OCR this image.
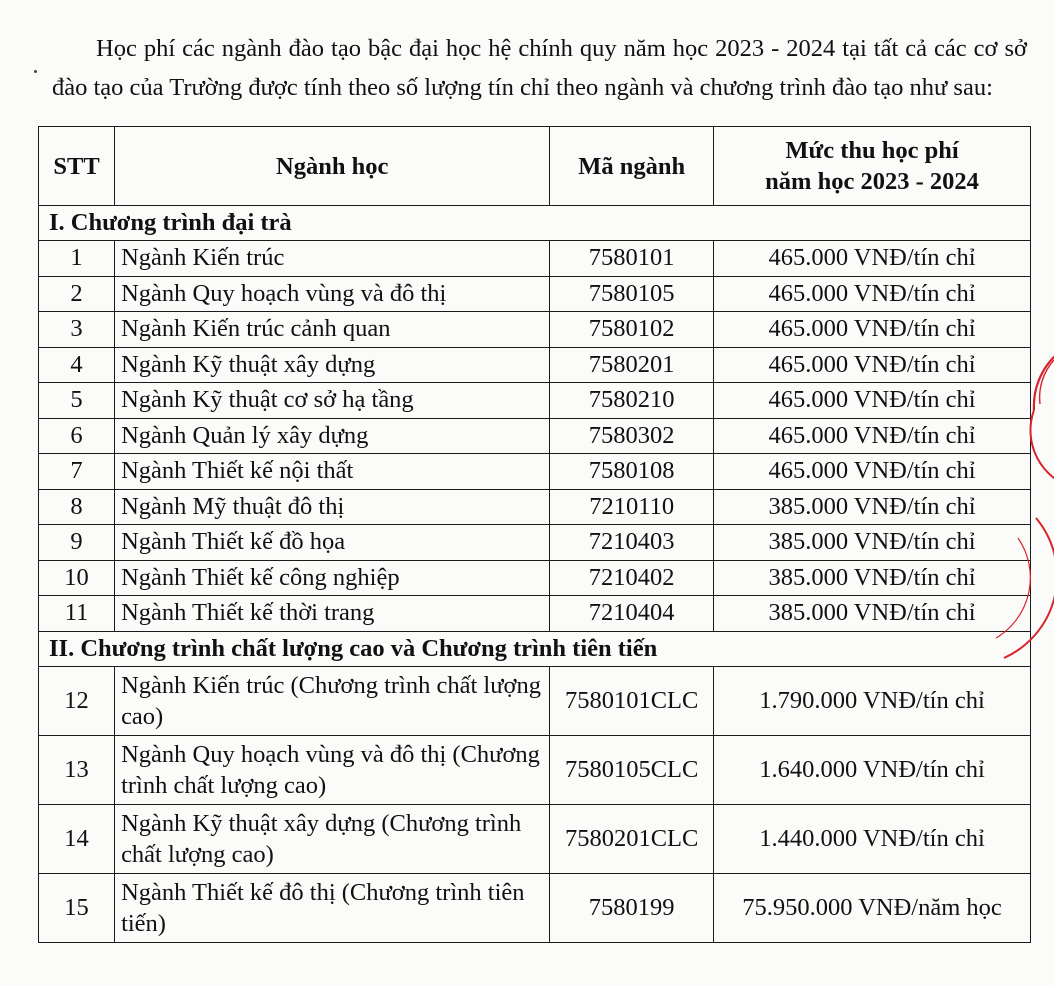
Học phí các ngành đào tạo bậc đại học hệ chính quy năm học 2023 - 2024 tại tất cả các cơ sở đào tạo của Trường được tính theo số lượng tín chỉ theo ngành và chương trình đào tạo như sau:

STT	Ngành học	Mã ngành	Mức thu học phí
năm học 2023 - 2024

I. Chương trình đại trà			
1	Ngành Kiến trúc	7580101	465.000 VNĐ/tín chỉ
2	Ngành Quy hoạch vùng và đô thị	7580105	465.000 VNĐ/tín chỉ
3	Ngành Kiến trúc cảnh quan	7580102	465.000 VNĐ/tín chỉ
4	Ngành Kỹ thuật xây dựng	7580201	465.000 VNĐ/tín chỉ
5	Ngành Kỹ thuật cơ sở hạ tầng	7580210	465.000 VNĐ/tín chỉ
6	Ngành Quản lý xây dựng	7580302	465.000 VNĐ/tín chỉ
7	Ngành Thiết kế nội thất	7580108	465.000 VNĐ/tín chỉ
8	Ngành Mỹ thuật đô thị	7210110	385.000 VNĐ/tín chỉ
9	Ngành Thiết kế đồ họa	7210403	385.000 VNĐ/tín chỉ
10	Ngành Thiết kế công nghiệp	7210402	385.000 VNĐ/tín chỉ
11	Ngành Thiết kế thời trang	7210404	385.000 VNĐ/tín chỉ
II. Chương trình chất lượng cao và Chương trình tiên tiến			
12	Ngành Kiến trúc (Chương trình chất lượng cao)	7580101CLC	1.790.000 VNĐ/tín chỉ
13	Ngành Quy hoạch vùng và đô thị (Chương trình chất lượng cao)	7580105CLC	1.640.000 VNĐ/tín chỉ
14	Ngành Kỹ thuật xây dựng (Chương trình chất lượng cao)	7580201CLC	1.440.000 VNĐ/tín chỉ
15	Ngành Thiết kế đô thị (Chương trình tiên tiến)	7580199	75.950.000 VNĐ/năm học
